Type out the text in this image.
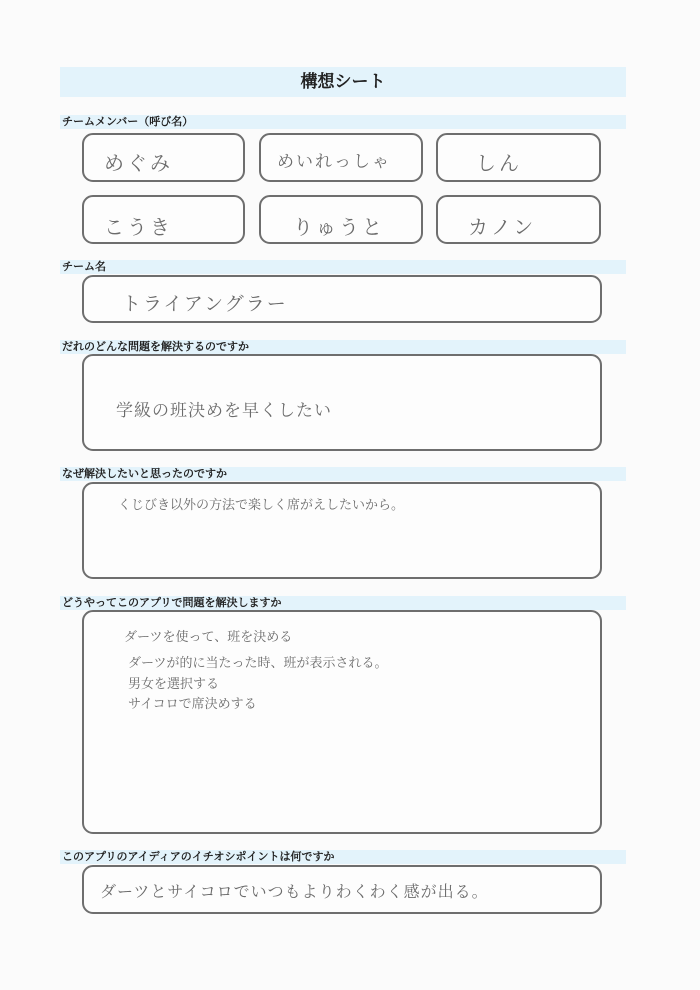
構想シート
チームメンバー（呼び名）
めぐみ	めいれっしゃ	しん
こうき	りゅうと	カノン
チーム名
トライアングラー
だれのどんな問題を解決するのですか
学級の班決めを早くしたい
なぜ解決したいと思ったのですか
くじびき以外の方法で楽しく席がえしたいから。
どうやってこのアプリで問題を解決しますか
ダーツを使って、班を決める
ダーツが的に当たった時、班が表示される。
男女を選択する
サイコロで席決めする
このアプリのアイディアのイチオシポイントは何ですか
ダーツとサイコロでいつもよりわくわく感が出る。
